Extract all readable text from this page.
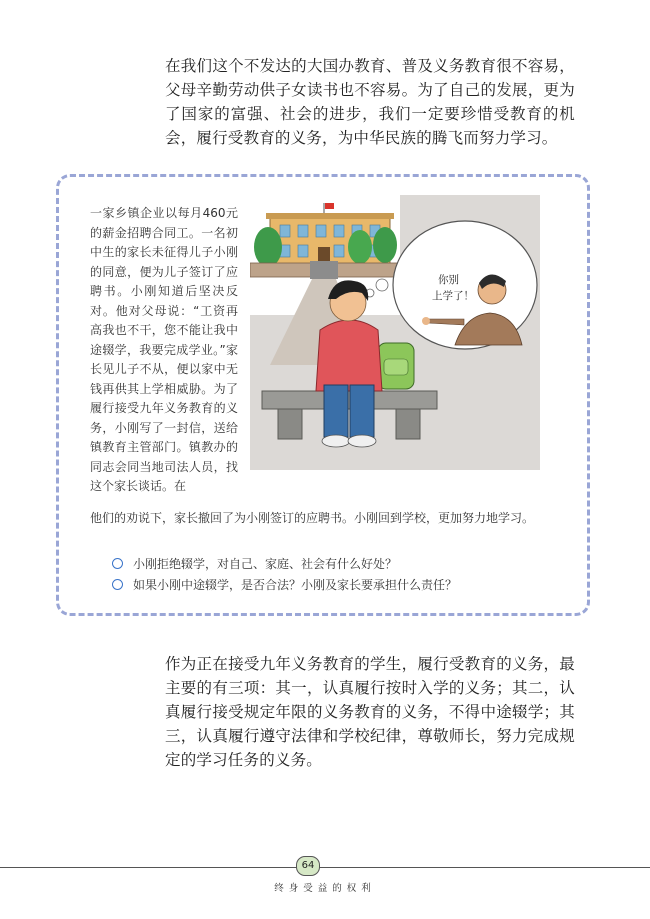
在我们这个不发达的大国办教育、普及义务教育很不容易，父母辛勤劳动供子女读书也不容易。为了自己的发展，更为了国家的富强、社会的进步，我们一定要珍惜受教育的机会，履行受教育的义务，为中华民族的腾飞而努力学习。

一家乡镇企业以每月460元的薪金招聘合同工。一名初中生的家长未征得儿子小刚的同意，便为儿子签订了应聘书。小刚知道后坚决反对。他对父母说：“工资再高我也不干，您不能让我中途辍学，我要完成学业。”家长见儿子不从，便以家中无钱再供其上学相威胁。为了履行接受九年义务教育的义务，小刚写了一封信，送给镇教育主管部门。镇教办的同志会同当地司法人员，找这个家长谈话。在

你别
上学了！

他们的劝说下，家长撤回了为小刚签订的应聘书。小刚回到学校，更加努力地学习。

小刚拒绝辍学，对自己、家庭、社会有什么好处？
如果小刚中途辍学，是否合法？小刚及家长要承担什么责任？

作为正在接受九年义务教育的学生，履行受教育的义务，最主要的有三项：其一，认真履行按时入学的义务；其二，认真履行接受规定年限的义务教育的义务，不得中途辍学；其三，认真履行遵守法律和学校纪律，尊敬师长，努力完成规定的学习任务的义务。

64
终身受益的权利
